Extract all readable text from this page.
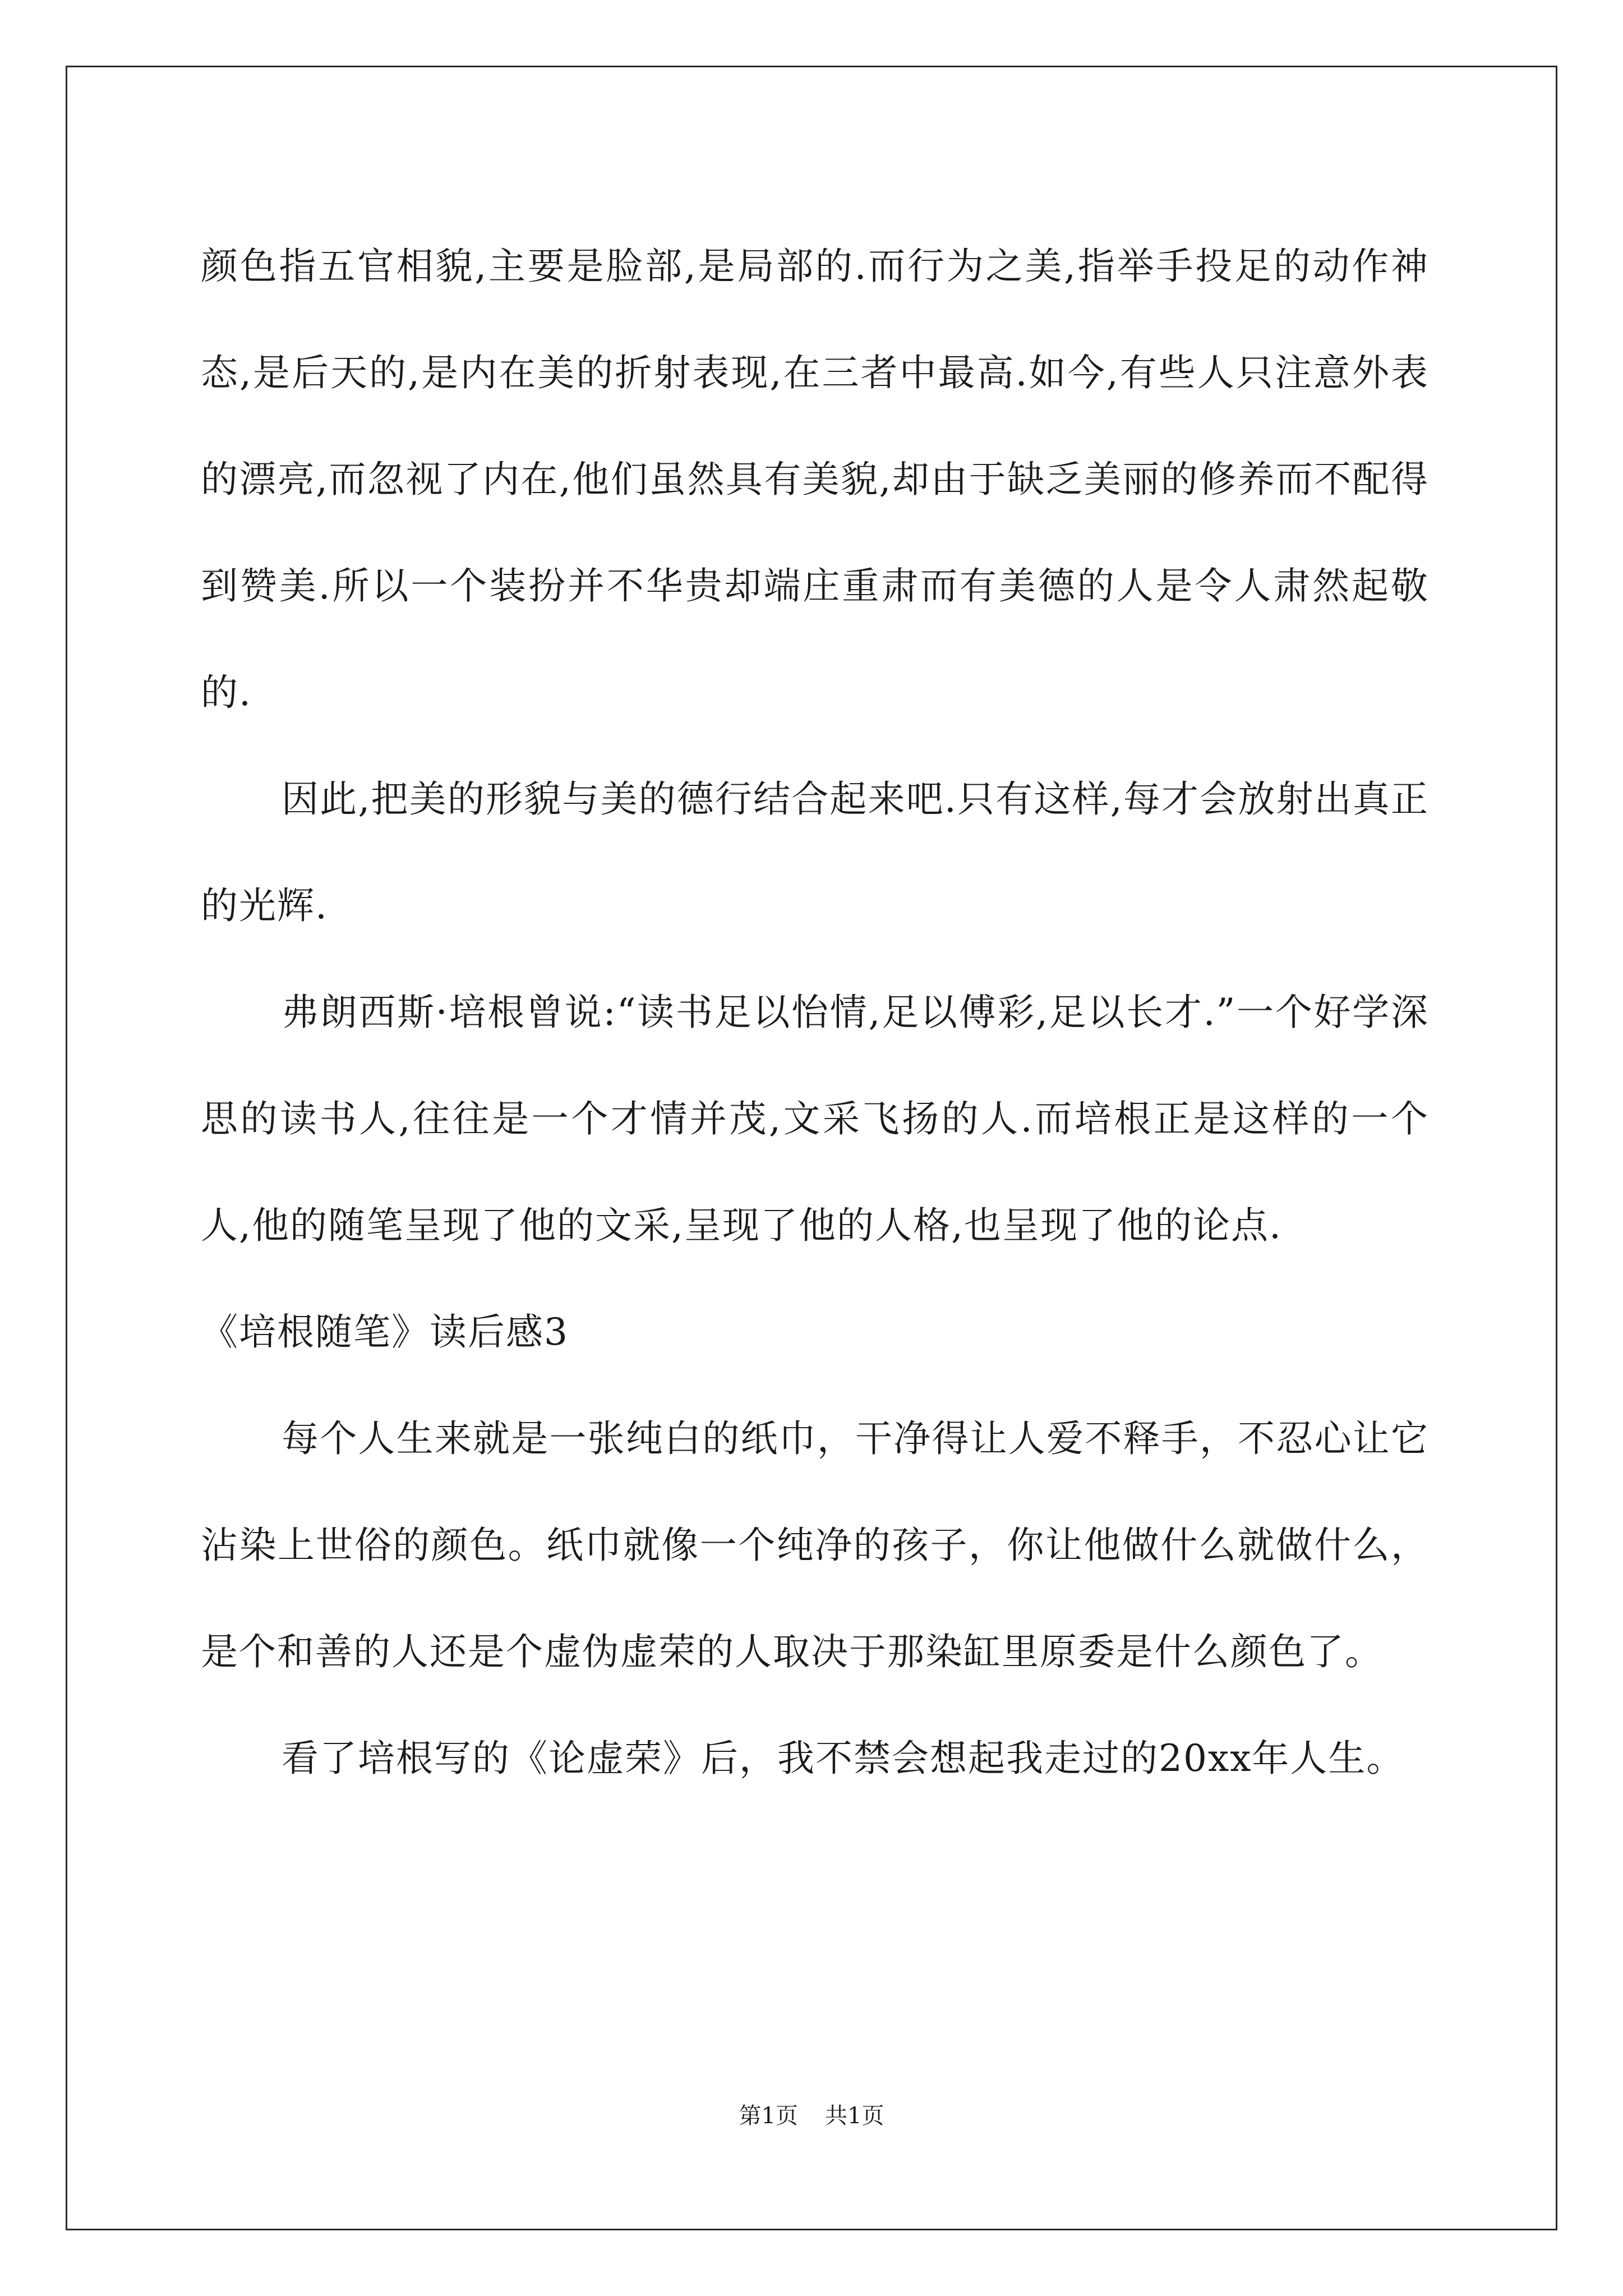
颜色指五官相貌,主要是脸部,是局部的.而行为之美,指举手投足的动作神态,是后天的,是内在美的折射表现,在三者中最高.如今,有些人只注意外表的漂亮,而忽视了内在,他们虽然具有美貌,却由于缺乏美丽的修养而不配得到赞美.所以一个装扮并不华贵却端庄重肃而有美德的人是令人肃然起敬的.

因此,把美的形貌与美的德行结合起来吧.只有这样,每才会放射出真正的光辉.

弗朗西斯·培根曾说:“读书足以怡情,足以傅彩,足以长才.”一个好学深思的读书人,往往是一个才情并茂,文采飞扬的人.而培根正是这样的一个人,他的随笔呈现了他的文采,呈现了他的人格,也呈现了他的论点.

《培根随笔》读后感3

每个人生来就是一张纯白的纸巾，干净得让人爱不释手，不忍心让它沾染上世俗的颜色。纸巾就像一个纯净的孩子，你让他做什么就做什么，是个和善的人还是个虚伪虚荣的人取决于那染缸里原委是什么颜色了。

看了培根写的《论虚荣》后，我不禁会想起我走过的20xx年人生。

第1页 共1页
